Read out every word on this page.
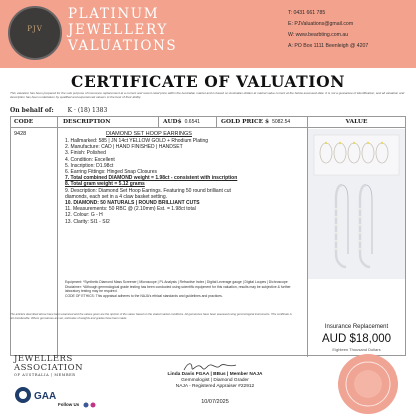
PJV
PLATINUM
JEWELLERY
VALUATIONS
T: 0431 661 785
E: PJValuations@gmail.com
W: www.bearbting.com.au
A: PO Box 1111 Beenleigh @ 4207
CERTIFICATE OF VALUATION
This valuation has been prepared for the sole purpose of insurance replacement at a current and recent retail price within the Australian market and is based on Australian dollars at market value current at the below assessed date. It is not a guarantee of identification, and all valuation and description has been undertaken by qualified and experienced valuers to the best of their ability.
On behalf of: K · (18) 1383
CODE	DESCRIPTION	AUD$ 0.6541	GOLD PRICE $ 5082.54	VALUE
9428	DIAMOND SET HOOP EARRINGS
1. Hallmarked: 585 | JN 14ct YELLOW GOLD + Rhodium Plating
2. Manufacture: CAD | HAND FINISHED | HANDSET
3. Finish: Polished
4. Condition: Excellent
5. Inscription: D1.98ct
6. Earring Fittings: Hinged Snap Closures
7. Total combined DIAMOND weight = 1.98ct - consistent with inscription
8. Total gram weight = 5.12 grams
9. Description: Diamond Set Hoop Earrings. Featuring 50 round brilliant cut
diamonds, each set in a 4 claw basket setting.
10. DIAMOND: 50 NATURALS | ROUND BRILLIANT CUTS
11. Measurements: 50 RBC @ (2.10mm) Est. = 1.98ct total
12. Colour: G - H
13. Clarity: SI1 - SI2
Equipment: *Synthetic Diamond Mass Screener | Microscope | PL Analysis | Refractive Index | Digital Leverage gauge | Digital Loupes | Dichroscope
Disclaimer: *Although gemmological grade testing has been conducted using scientific equipment for this valuation, results may be subjective & further laboratory testing may be required.
CODE OF ETHICS: This appraisal adheres to the NAJA's ethical standards and guidelines and practices.
Insurance Replacement
AUD $18,000
Eighteen Thousand Dollars
The article/s described above have been examined and the values given are the opinion of the valuer based on the stated market conditions. All gemstones have been assessed using gemmological instruments. This certificate is not transferable. Where gemstones are set, estimates of weights and grades have been made.
JEWELLERS
ASSOCIATION
OF AUSTRALIA | MEMBER
GAA
Follow Us
Linda Davis FGAA | BBus | Member NAJA
Gemmologist | Diamond Grader
NAJA - Registered Appraiser #22912
10/07/2025
